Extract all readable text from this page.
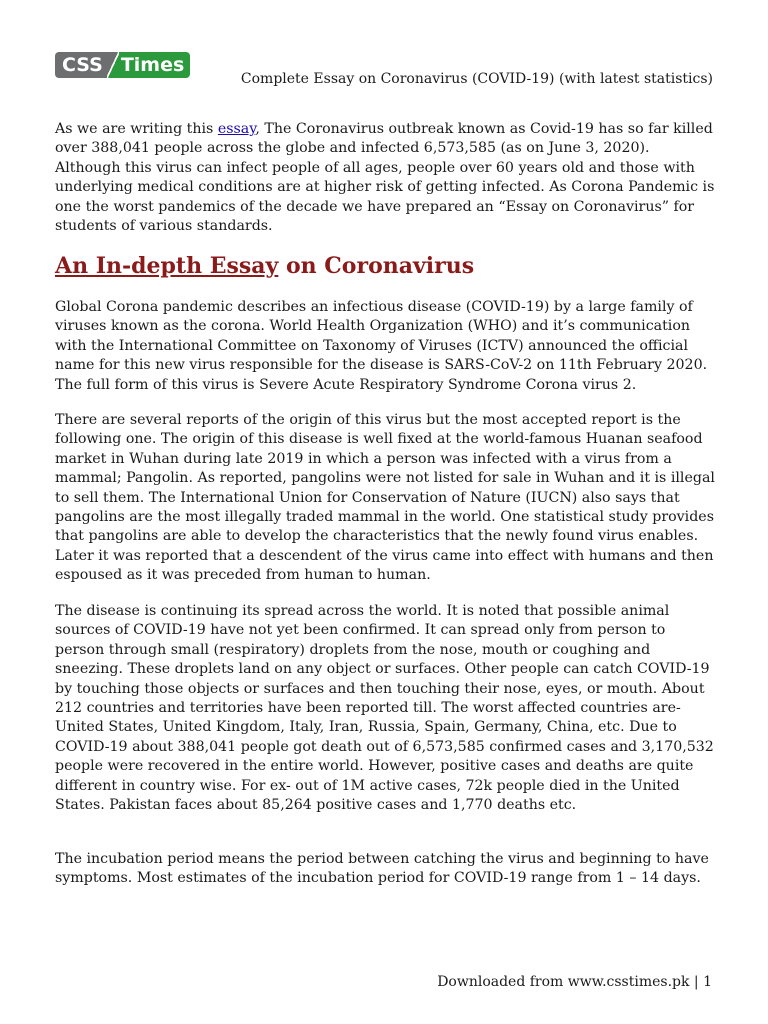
CSS Times
Complete Essay on Coronavirus (COVID-19) (with latest statistics)

As we are writing this essay, The Coronavirus outbreak known as Covid-19 has so far killed over 388,041 people across the globe and infected 6,573,585 (as on June 3, 2020). Although this virus can infect people of all ages, people over 60 years old and those with underlying medical conditions are at higher risk of getting infected. As Corona Pandemic is one the worst pandemics of the decade we have prepared an “Essay on Coronavirus” for students of various standards.

An In-depth Essay on Coronavirus

Global Corona pandemic describes an infectious disease (COVID-19) by a large family of viruses known as the corona. World Health Organization (WHO) and it’s communication with the International Committee on Taxonomy of Viruses (ICTV) announced the official name for this new virus responsible for the disease is SARS-CoV-2 on 11th February 2020. The full form of this virus is Severe Acute Respiratory Syndrome Corona virus 2.

There are several reports of the origin of this virus but the most accepted report is the following one. The origin of this disease is well fixed at the world-famous Huanan seafood market in Wuhan during late 2019 in which a person was infected with a virus from a mammal; Pangolin. As reported, pangolins were not listed for sale in Wuhan and it is illegal to sell them. The International Union for Conservation of Nature (IUCN) also says that pangolins are the most illegally traded mammal in the world. One statistical study provides that pangolins are able to develop the characteristics that the newly found virus enables. Later it was reported that a descendent of the virus came into effect with humans and then espoused as it was preceded from human to human.

The disease is continuing its spread across the world. It is noted that possible animal sources of COVID-19 have not yet been confirmed. It can spread only from person to person through small (respiratory) droplets from the nose, mouth or coughing and sneezing. These droplets land on any object or surfaces. Other people can catch COVID-19 by touching those objects or surfaces and then touching their nose, eyes, or mouth. About 212 countries and territories have been reported till. The worst affected countries are- United States, United Kingdom, Italy, Iran, Russia, Spain, Germany, China, etc. Due to COVID-19 about 388,041 people got death out of 6,573,585 confirmed cases and 3,170,532 people were recovered in the entire world. However, positive cases and deaths are quite different in country wise. For ex- out of 1M active cases, 72k people died in the United States. Pakistan faces about 85,264 positive cases and 1,770 deaths etc.

The incubation period means the period between catching the virus and beginning to have symptoms. Most estimates of the incubation period for COVID-19 range from 1 – 14 days.

Downloaded from www.csstimes.pk | 1
